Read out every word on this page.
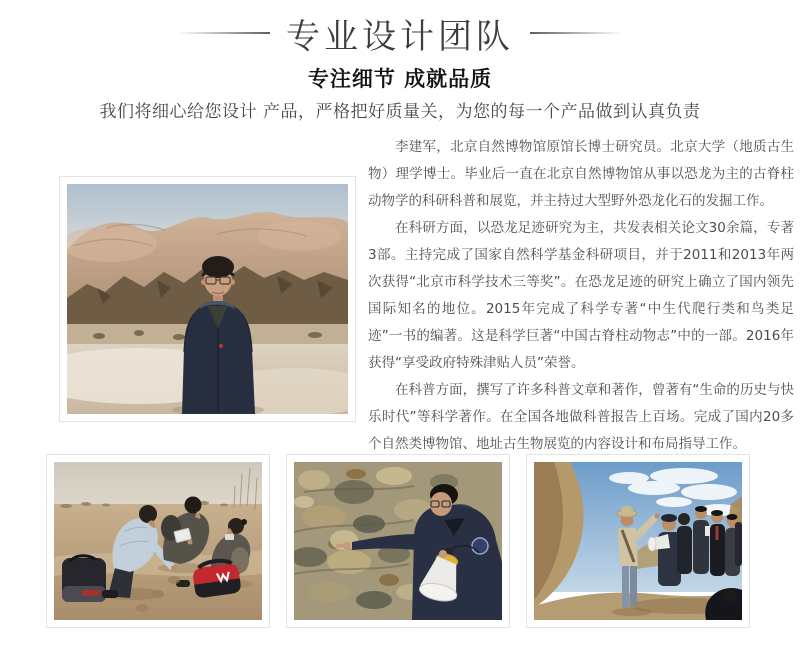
专业设计团队
专注细节 成就品质
我们将细心给您设计 产品，严格把好质量关，为您的每一个产品做到认真负责

李建军，北京自然博物馆原馆长博士研究员。北京大学（地质古生物）理学博士。毕业后一直在北京自然博物馆从事以恐龙为主的古脊柱动物学的科研科普和展览，并主持过大型野外恐龙化石的发掘工作。

在科研方面，以恐龙足迹研究为主，共发表相关论文30余篇，专著3部。主持完成了国家自然科学基金科研项目，并于2011和2013年两次获得“北京市科学技术三等奖”。在恐龙足迹的研究上确立了国内领先国际知名的地位。2015年完成了科学专著“中生代爬行类和鸟类足迹”一书的编著。这是科学巨著“中国古脊柱动物志”中的一部。2016年获得“享受政府特殊津贴人员”荣誉。

在科普方面，撰写了许多科普文章和著作，曾著有“生命的历史与快乐时代”等科学著作。在全国各地做科普报告上百场。完成了国内20多个自然类博物馆、地址古生物展览的内容设计和布局指导工作。
